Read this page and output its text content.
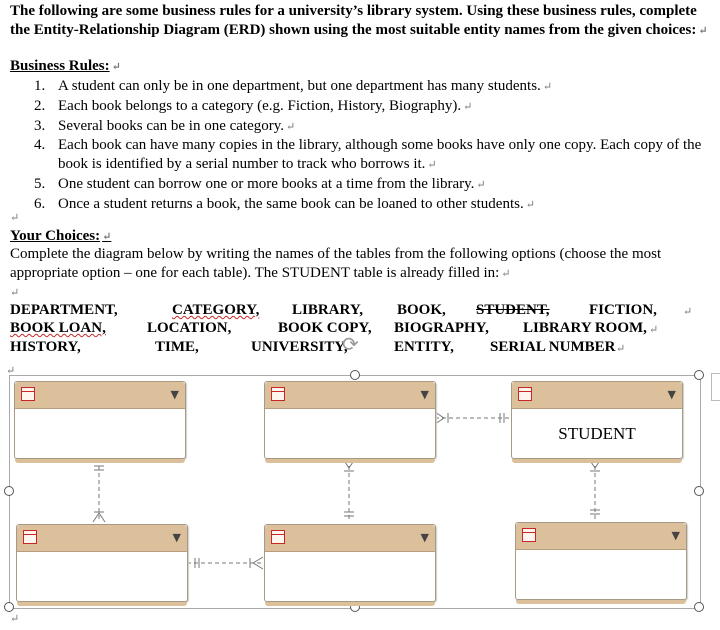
The following are some business rules for a university’s library system. Using these business rules, complete the Entity-Relationship Diagram (ERD) shown using the most suitable entity names from the given choices: ↵
Business Rules: ↵
1. A student can only be in one department, but one department has many students. ↵
2. Each book belongs to a category (e.g. Fiction, History, Biography). ↵
3. Several books can be in one category. ↵
4. Each book can have many copies in the library, although some books have only one copy. Each copy of the book is identified by a serial number to track who borrows it. ↵
5. One student can borrow one or more books at a time from the library. ↵
6. Once a student returns a book, the same book can be loaned to other students. ↵
↵
Your Choices: ↵
Complete the diagram below by writing the names of the tables from the following options (choose the most appropriate option – one for each table). The STUDENT table is already filled in: ↵
↵
DEPARTMENT,	CATEGORY, LIBRARY, BOOK, STUDENT,	FICTION, ↵
BOOK LOAN,	LOCATION,	BOOK COPY, BIOGRAPHY, LIBRARY ROOM, ↵
HISTORY,	TIME,	UNIVERSITY,	ENTITY, SERIAL NUMBER ↵
⟳
↵
↵
▼	▼	▼
STUDENT
▼	▼	▼
